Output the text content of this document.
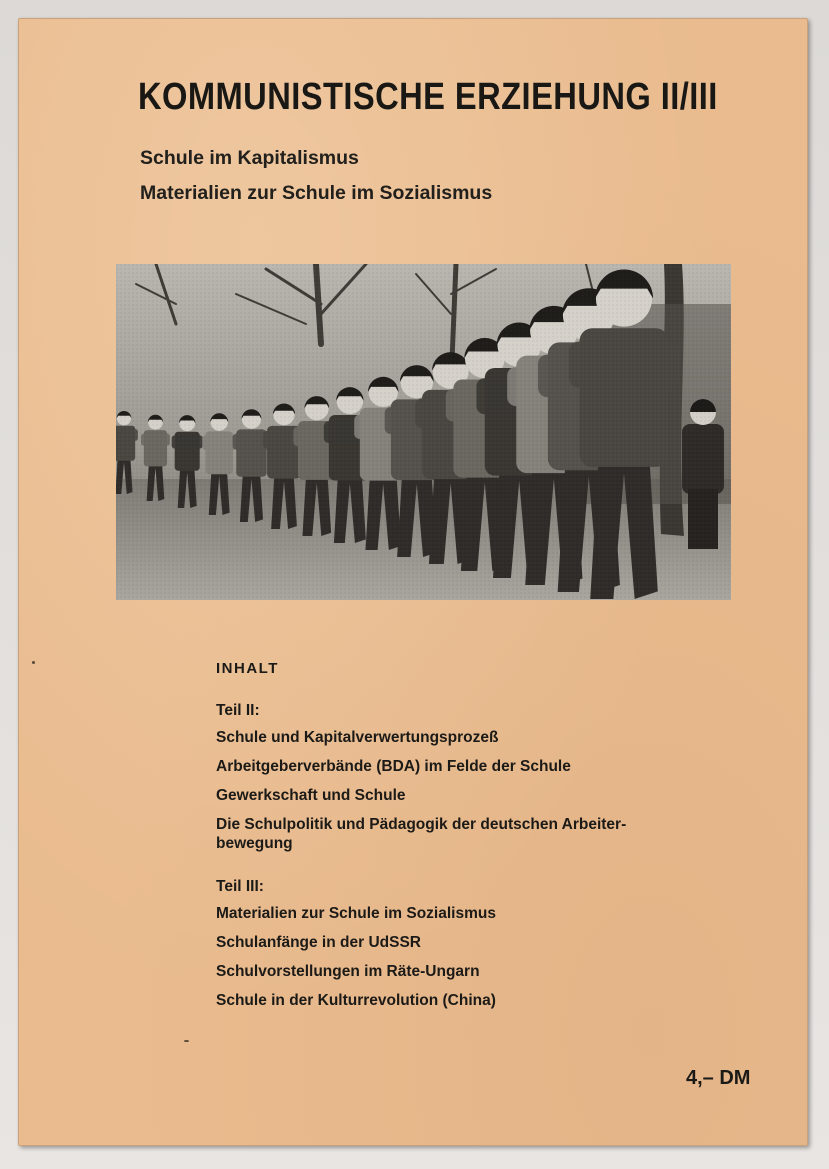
KOMMUNISTISCHE ERZIEHUNG II/III
Schule im Kapitalismus
Materialien zur Schule im Sozialismus
INHALT
Teil II:
Schule und Kapitalverwertungsprozeß
Arbeitgeberverbände (BDA) im Felde der Schule
Gewerkschaft und Schule
Die Schulpolitik und Pädagogik der deutschen Arbeiter-
bewegung
Teil III:
Materialien zur Schule im Sozialismus
Schulanfänge in der UdSSR
Schulvorstellungen im Räte-Ungarn
Schule in der Kulturrevolution (China)
4,– DM
